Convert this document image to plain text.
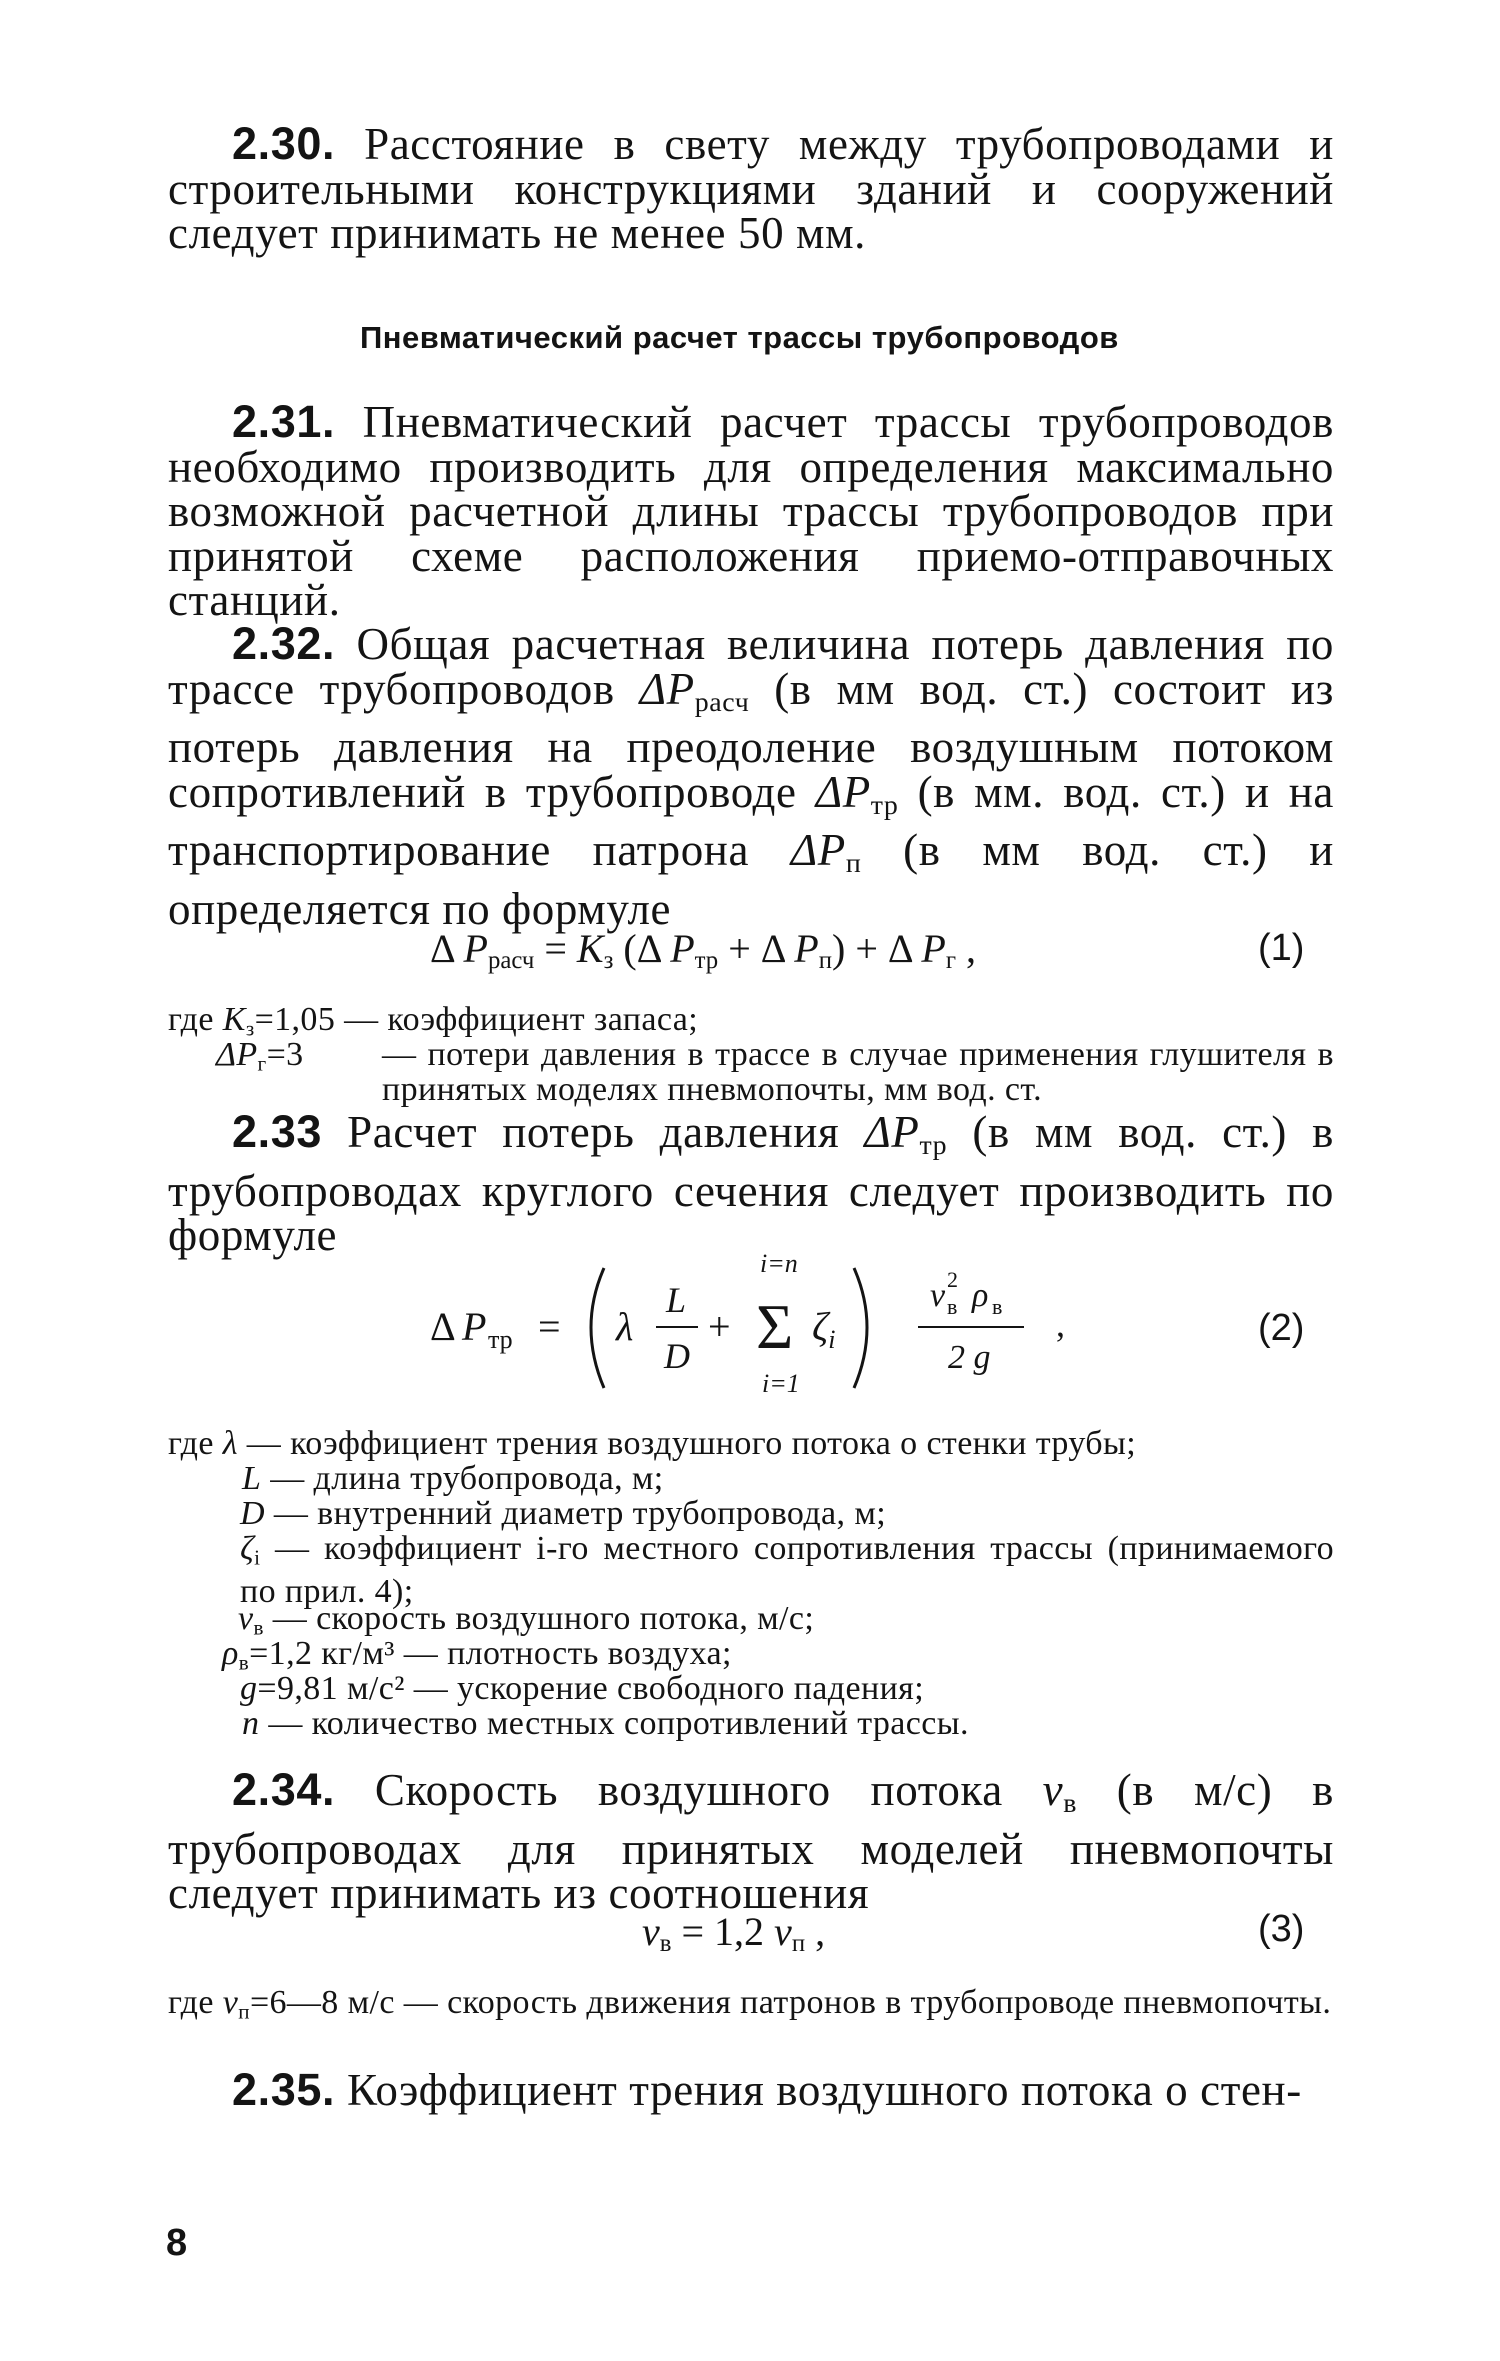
2.30. Расстояние в свету между трубопроводами и строительными конструкциями зданий и сооружений следует принимать не менее 50 мм.

Пневматический расчет трассы трубопроводов

2.31. Пневматический расчет трассы трубопроводов необходимо производить для определения максимально возможной расчетной длины трассы трубопроводов при принятой схеме расположения приемо-отправочных станций.

2.32. Общая расчетная величина потерь давления по трассе трубопроводов $\Delta P_{расч}$ (в мм вод. ст.) состоит из потерь давления на преодоление воздушным потоком сопротивлений в трубопроводе $\Delta P_{тр}$ (в мм. вод. ст.) и на транспортирование патрона $\Delta P_п$ (в мм вод. ст.) и определяется по формуле

Δ $P_{расч} = K_з$ (Δ $P_{тр} + \Delta$ $P_п) + \Delta$ $P_г$ ,	(1)
где $K_з=1,05$ — коэффициент запаса;
$\Delta P_г=3$	— потери давления в трассе в случае применения глушителя в принятых моделях пневмопочты, мм вод. ст.

2.33 Расчет потерь давления $\Delta P_{тр}$ (в мм вод. ст.) в трубопроводах круглого сечения следует производить по формуле

Δ P тр = λ
L
D
+
i=n
Σ
i=1
$\zeta_i$
v 2
в ρ в
2 g
,	(2)
где λ — коэффициент трения воздушного потока о стенки трубы;
L — длина трубопровода, м;
D — внутренний диаметр трубопровода, м;
$\zeta_i$ — коэффициент i-го местного сопротивления трассы (принимаемого по прил. 4);
$v_в$ — скорость воздушного потока, м/с;
$\rho_в=1,2$ кг/м³ — плотность воздуха;
g=9,81 м/с² — ускорение свободного падения;
n — количество местных сопротивлений трассы.

2.34. Скорость воздушного потока $v_в$ (в м/с) в трубопроводах для принятых моделей пневмопочты следует принимать из соотношения

$v_в = 1,2$ $v_п$ ,	(3)
где $v_п=6—8$ м/с — скорость движения патронов в трубопроводе пневмопочты.

2.35. Коэффициент трения воздушного потока о стен-

8
